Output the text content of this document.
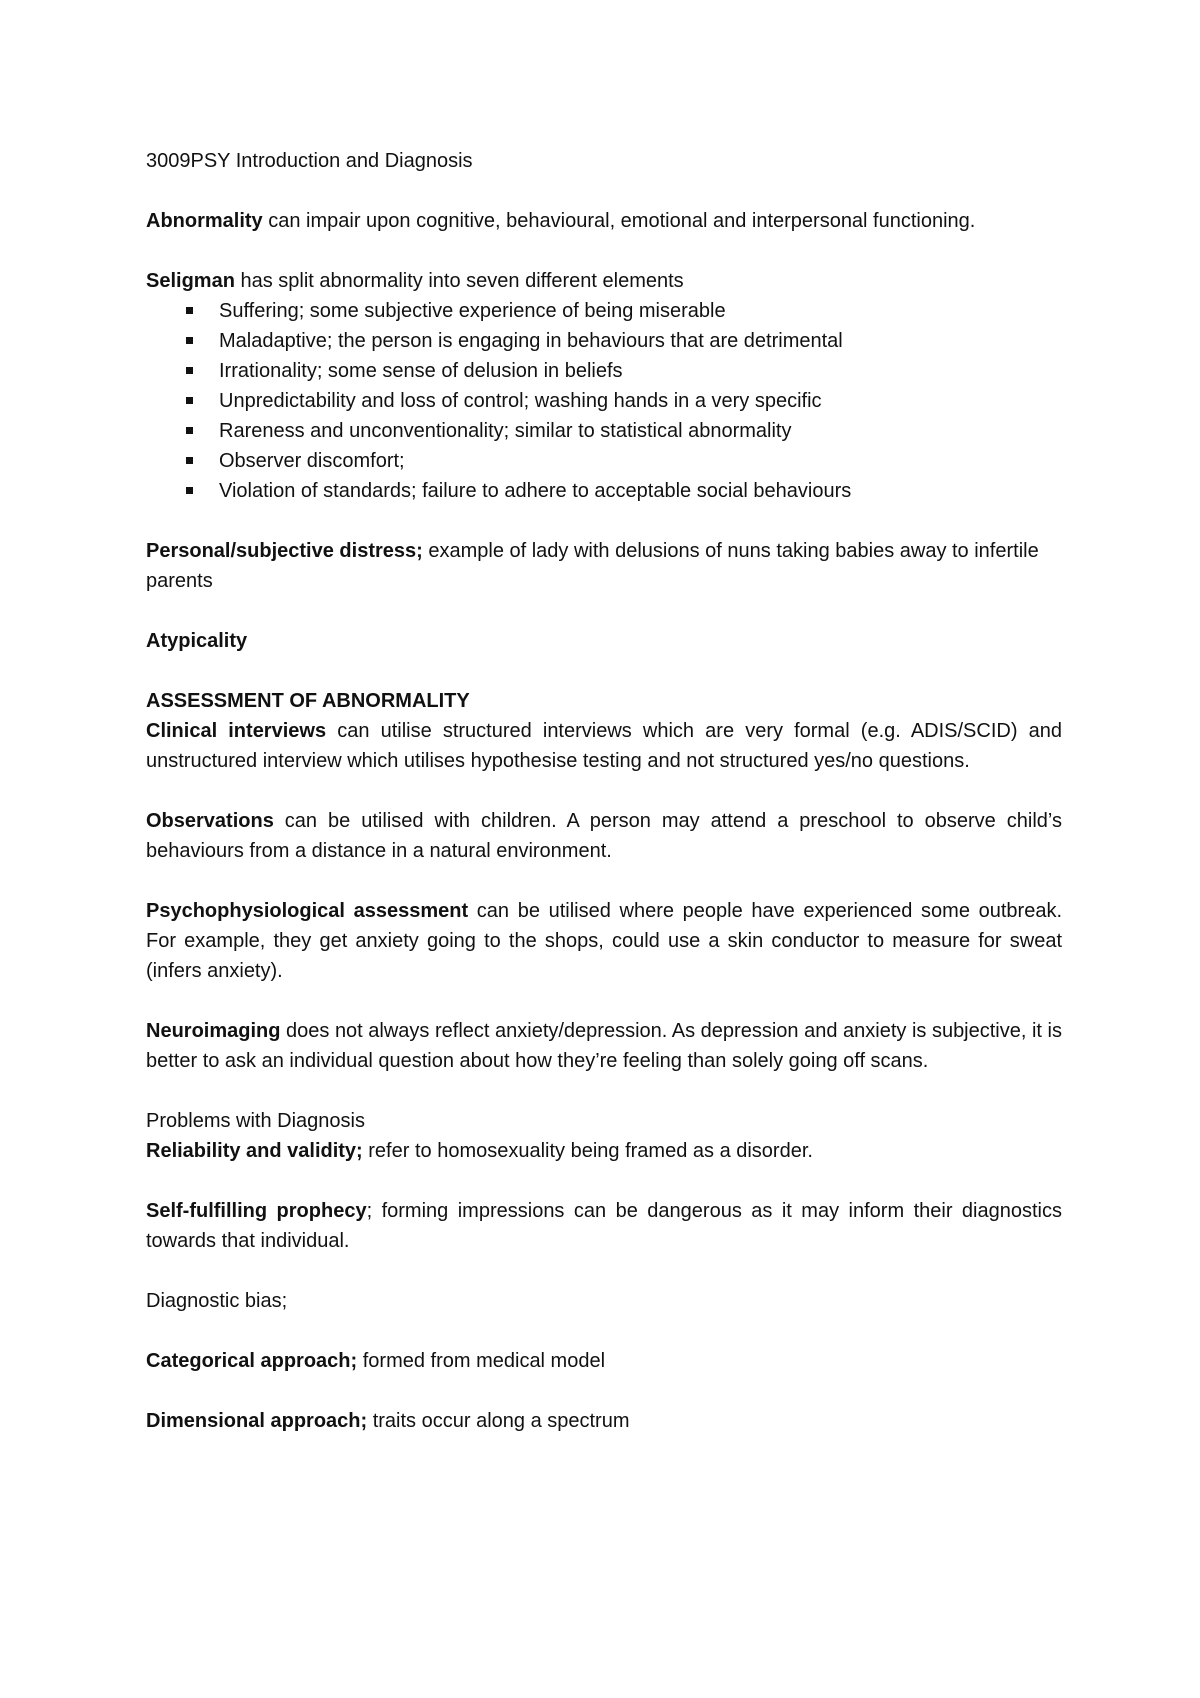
3009PSY Introduction and Diagnosis

Abnormality can impair upon cognitive, behavioural, emotional and interpersonal functioning.

Seligman has split abnormality into seven different elements

Suffering; some subjective experience of being miserable
Maladaptive; the person is engaging in behaviours that are detrimental
Irrationality; some sense of delusion in beliefs
Unpredictability and loss of control; washing hands in a very specific
Rareness and unconventionality; similar to statistical abnormality
Observer discomfort;
Violation of standards; failure to adhere to acceptable social behaviours

Personal/subjective distress; example of lady with delusions of nuns taking babies away to infertile parents

Atypicality

ASSESSMENT OF ABNORMALITY

Clinical interviews can utilise structured interviews which are very formal (e.g. ADIS/SCID) and unstructured interview which utilises hypothesise testing and not structured yes/no questions.

Observations can be utilised with children. A person may attend a preschool to observe child’s behaviours from a distance in a natural environment.

Psychophysiological assessment can be utilised where people have experienced some outbreak. For example, they get anxiety going to the shops, could use a skin conductor to measure for sweat (infers anxiety).

Neuroimaging does not always reflect anxiety/depression. As depression and anxiety is subjective, it is better to ask an individual question about how they’re feeling than solely going off scans.

Problems with Diagnosis

Reliability and validity; refer to homosexuality being framed as a disorder.

Self-fulfilling prophecy; forming impressions can be dangerous as it may inform their diagnostics towards that individual.

Diagnostic bias;

Categorical approach; formed from medical model

Dimensional approach; traits occur along a spectrum
